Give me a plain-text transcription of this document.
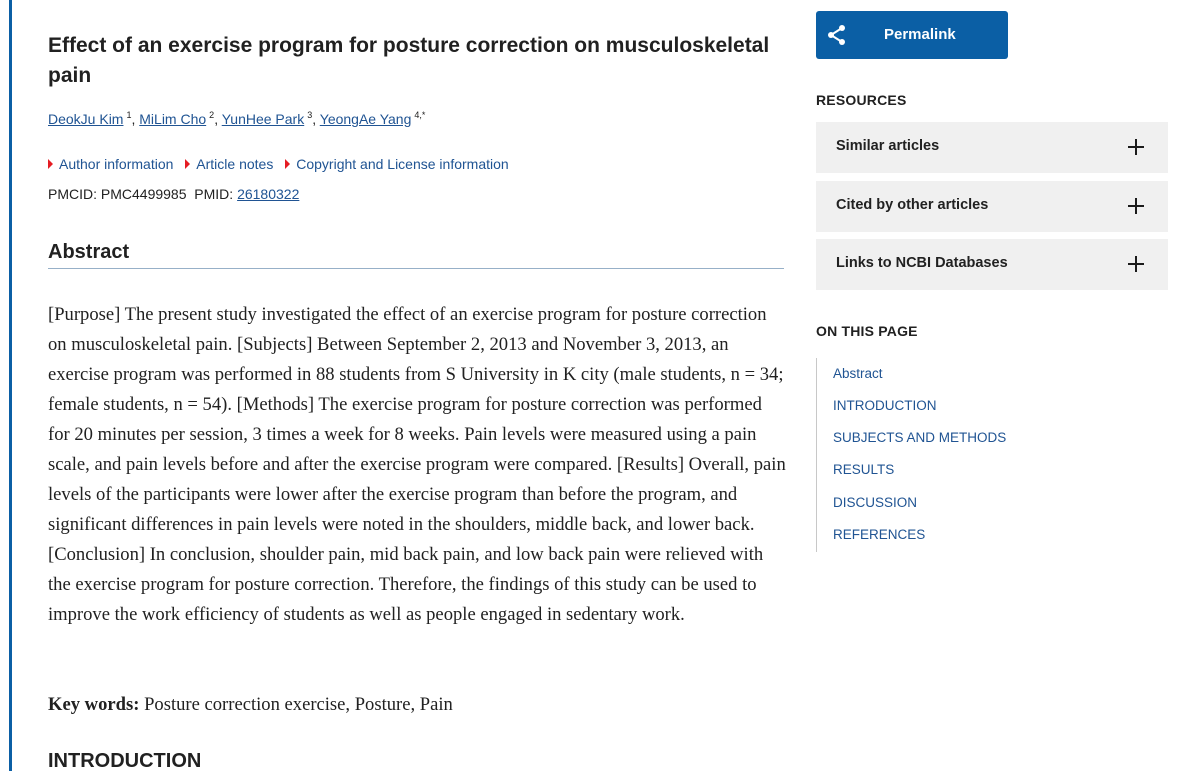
Effect of an exercise program for posture correction on musculoskeletal pain
DeokJu Kim $^1$, MiLim Cho $^2$, YunHee Park $^3$, YeongAe Yang $^{4,*}$
Author information Article notes Copyright and License information
PMCID: PMC4499985 PMID: 26180322
Abstract

[Purpose] The present study investigated the effect of an exercise program for posture correction on musculoskeletal pain. [Subjects] Between September 2, 2013 and November 3, 2013, an exercise program was performed in 88 students from S University in K city (male students, n = 34; female students, n = 54). [Methods] The exercise program for posture correction was performed for 20 minutes per session, 3 times a week for 8 weeks. Pain levels were measured using a pain scale, and pain levels before and after the exercise program were compared. [Results] Overall, pain levels of the participants were lower after the exercise program than before the program, and significant differences in pain levels were noted in the shoulders, middle back, and lower back. [Conclusion] In conclusion, shoulder pain, mid back pain, and low back pain were relieved with the exercise program for posture correction. Therefore, the findings of this study can be used to improve the work efficiency of students as well as people engaged in sedentary work.

Key words: Posture correction exercise, Posture, Pain

INTRODUCTION
Permalink
RESOURCES
Similar articles
Cited by other articles
Links to NCBI Databases
ON THIS PAGE
Abstract
INTRODUCTION
SUBJECTS AND METHODS
RESULTS
DISCUSSION
REFERENCES
